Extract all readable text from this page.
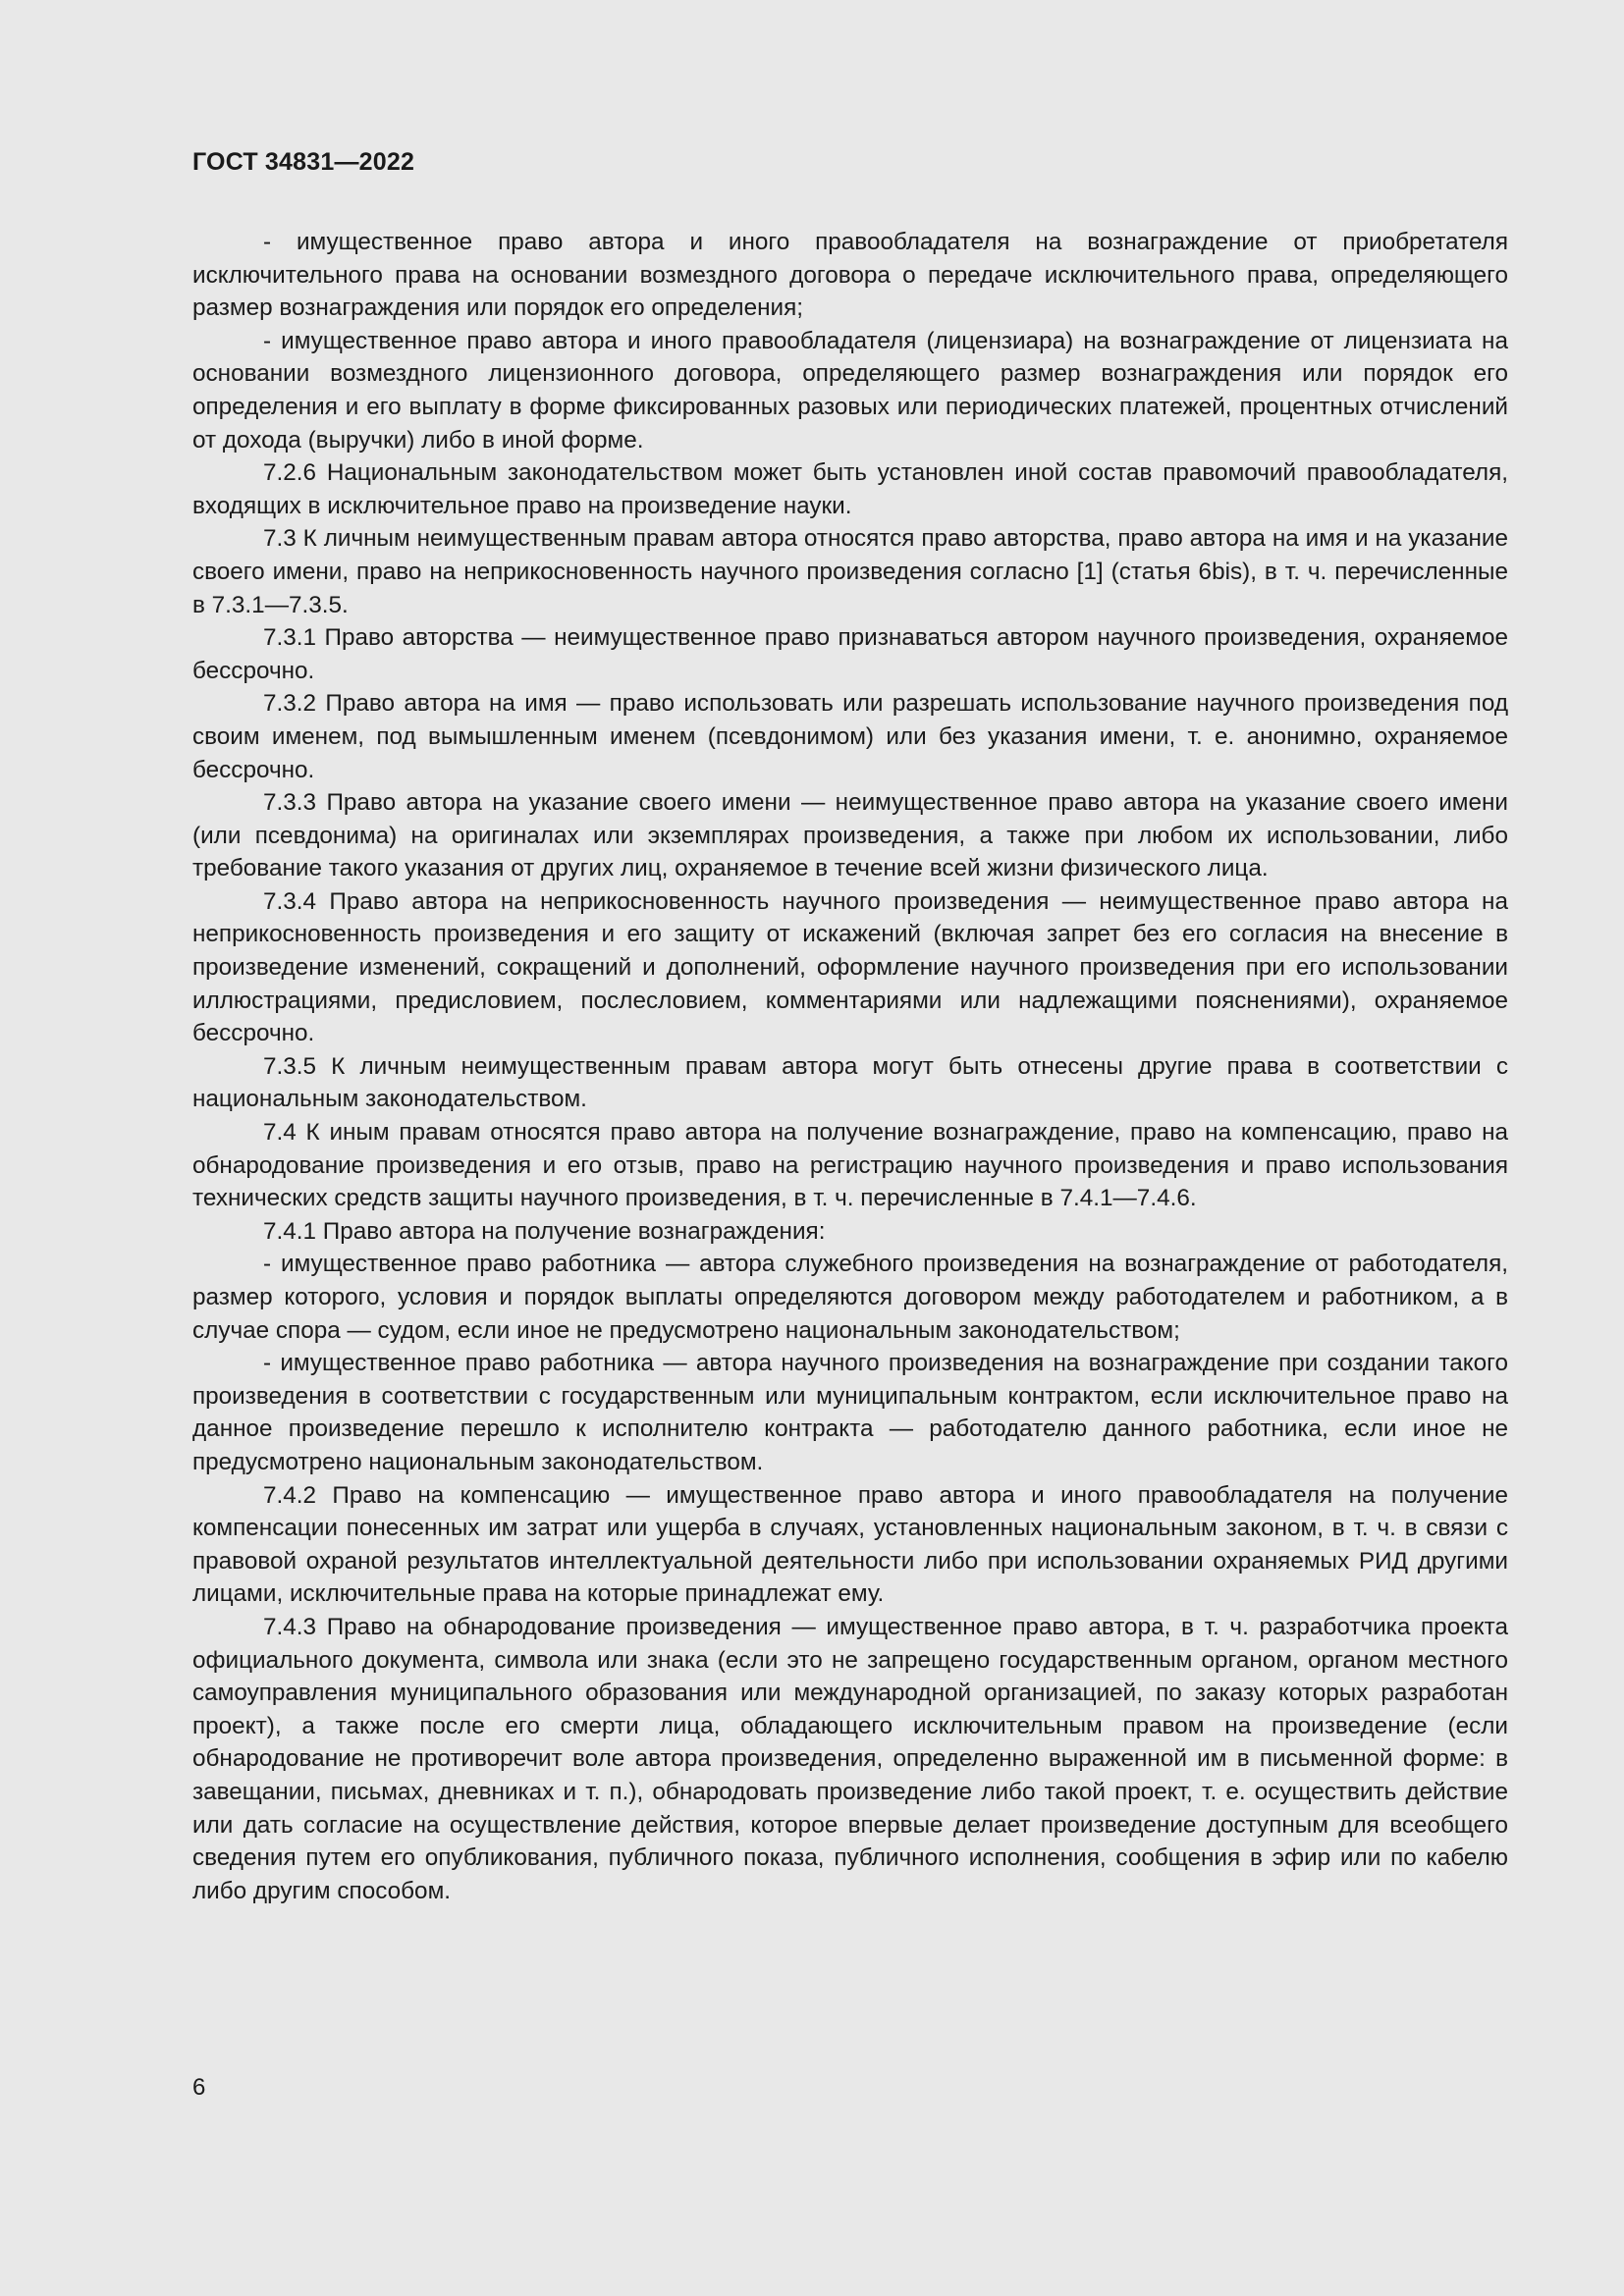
ГОСТ 34831—2022

- имущественное право автора и иного правообладателя на вознаграждение от приобретателя исключительного права на основании возмездного договора о передаче исключительного права, определяющего размер вознаграждения или порядок его определения;

- имущественное право автора и иного правообладателя (лицензиара) на вознаграждение от лицензиата на основании возмездного лицензионного договора, определяющего размер вознаграждения или порядок его определения и его выплату в форме фиксированных разовых или периодических платежей, процентных отчислений от дохода (выручки) либо в иной форме.

7.2.6 Национальным законодательством может быть установлен иной состав правомочий правообладателя, входящих в исключительное право на произведение науки.

7.3 К личным неимущественным правам автора относятся право авторства, право автора на имя и на указание своего имени, право на неприкосновенность научного произведения согласно [1] (статья 6bis), в т. ч. перечисленные в 7.3.1—7.3.5.

7.3.1 Право авторства — неимущественное право признаваться автором научного произведения, охраняемое бессрочно.

7.3.2 Право автора на имя — право использовать или разрешать использование научного произведения под своим именем, под вымышленным именем (псевдонимом) или без указания имени, т. е. анонимно, охраняемое бессрочно.

7.3.3 Право автора на указание своего имени — неимущественное право автора на указание своего имени (или псевдонима) на оригиналах или экземплярах произведения, а также при любом их использовании, либо требование такого указания от других лиц, охраняемое в течение всей жизни физического лица.

7.3.4 Право автора на неприкосновенность научного произведения — неимущественное право автора на неприкосновенность произведения и его защиту от искажений (включая запрет без его согласия на внесение в произведение изменений, сокращений и дополнений, оформление научного произведения при его использовании иллюстрациями, предисловием, послесловием, комментариями или надлежащими пояснениями), охраняемое бессрочно.

7.3.5 К личным неимущественным правам автора могут быть отнесены другие права в соответствии с национальным законодательством.

7.4 К иным правам относятся право автора на получение вознаграждение, право на компенсацию, право на обнародование произведения и его отзыв, право на регистрацию научного произведения и право использования технических средств защиты научного произведения, в т. ч. перечисленные в 7.4.1—7.4.6.

7.4.1 Право автора на получение вознаграждения:

- имущественное право работника — автора служебного произведения на вознаграждение от работодателя, размер которого, условия и порядок выплаты определяются договором между работодателем и работником, а в случае спора — судом, если иное не предусмотрено национальным законодательством;

- имущественное право работника — автора научного произведения на вознаграждение при создании такого произведения в соответствии с государственным или муниципальным контрактом, если исключительное право на данное произведение перешло к исполнителю контракта — работодателю данного работника, если иное не предусмотрено национальным законодательством.

7.4.2 Право на компенсацию — имущественное право автора и иного правообладателя на получение компенсации понесенных им затрат или ущерба в случаях, установленных национальным законом, в т. ч. в связи с правовой охраной результатов интеллектуальной деятельности либо при использовании охраняемых РИД другими лицами, исключительные права на которые принадлежат ему.

7.4.3 Право на обнародование произведения — имущественное право автора, в т. ч. разработчика проекта официального документа, символа или знака (если это не запрещено государственным органом, органом местного самоуправления муниципального образования или международной организацией, по заказу которых разработан проект), а также после его смерти лица, обладающего исключительным правом на произведение (если обнародование не противоречит воле автора произведения, определенно выраженной им в письменной форме: в завещании, письмах, дневниках и т. п.), обнародовать произведение либо такой проект, т. е. осуществить действие или дать согласие на осуществление действия, которое впервые делает произведение доступным для всеобщего сведения путем его опубликования, публичного показа, публичного исполнения, сообщения в эфир или по кабелю либо другим способом.

6
